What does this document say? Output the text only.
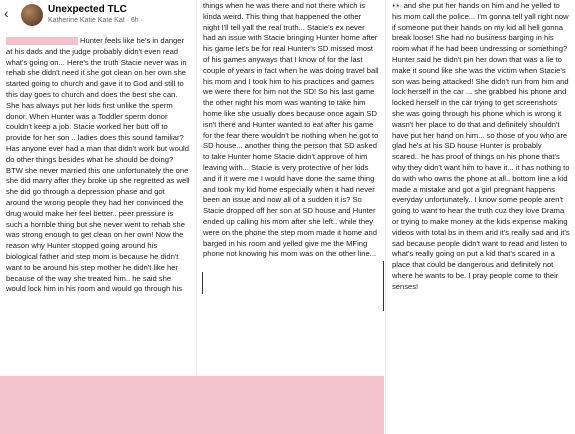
‹	Unexpected TLC
Katherine Katie Kate Kat · 6h ·
Hunter feels like he's in danger at his dads and the judge probably didn't even read what's going on... Here's the truth Stacie never was in rehab she didn't need it she got clean on her own she started going to church and gave it to God and still to this day goes to church and does the best she can. She has always put her kids first unlike the sperm donor. When Hunter was a Toddler sperm donor couldn't keep a job. Stacie worked her butt off to provide for her son .. ladies does this sound familiar? Has anyone ever had a man that didn't work but would do other things besides what he should be doing? BTW she never married this one unfortunately the one she did marry after they broke up she regretted as well she did go through a depression phase and got around the wrong people they had her convinced the drug would make her feel better.. peer pressure is such a horrible thing but she never went to rehab she was strong enough to get clean on her own! Now the reason why Hunter stopped going around his biological father and step mom is because he didn't want to be around his step mother he didn't like her because of the way she treated him.. he said she would lock him in his room and would go through his
things when he was there and not there which is kinda weird. This thing that happened the other night I'll tell yall the real truth... Stacie's ex never had an issue with Stacie bringing Hunter home after his game let's be for real Hunter's SD missed most of his games anyways that I know of for the last couple of years in fact when he was doing travel ball his mom and I took him to his practices and games we were there for him not the SD! So his last game the other night his mom was wanting to take him home like she usually does because once again SD isn't there and Hunter wanted to eat after his game for the fear there wouldn't be nothing when he got to SD house... another thing the person that SD asked to take Hunter home Stacie didn't approve of him leaving with... Stacie is very protective of her kids and if it were me I would have done the same thing and took my kid home especially when it had never been an issue and now all of a sudden it is? So Stacie dropped off her son at SD house and Hunter ended up calling his mom after she left.. while they were on the phone the step mom made it home and barged in his room and yelled give me the MFing phone not knowing his mom was on the other line...
👀 and she put her hands on him and he yelled to his mom call the police... I'm gonna tell yall right now if someone put their hands on my kid all hell gonna break loose! She had no business barging in his room what if he had been undressing or something? Hunter said he didn't pin her down that was a lie to make it sound like she was the victim when Stacie's son was being attacked! She didn't run from him and lock herself in the car ... she grabbed his phone and locked herself in the car trying to get screenshots she was going through his phone which is wrong it wasn't her place to do that and definitely shouldn't have put her hand on him... so those of you who are glad he's at his SD house Hunter is probably scared.. he has proof of things on his phone that's why they didn't want him to have it... it has nothing to do with who owns the phone at all.. bottom line a kid made a mistake and got a girl pregnant happens everyday unfortunately.. I know some people aren't going to want to hear the truth cuz they love Drama or trying to make money at the kids expense making videos with total bs in them and it's really sad and it's sad because people didn't want to read and listen to what's really going on put a kid that's scared in a place that could be dangerous and definitely not where he wants to be. I pray people come to their senses!
